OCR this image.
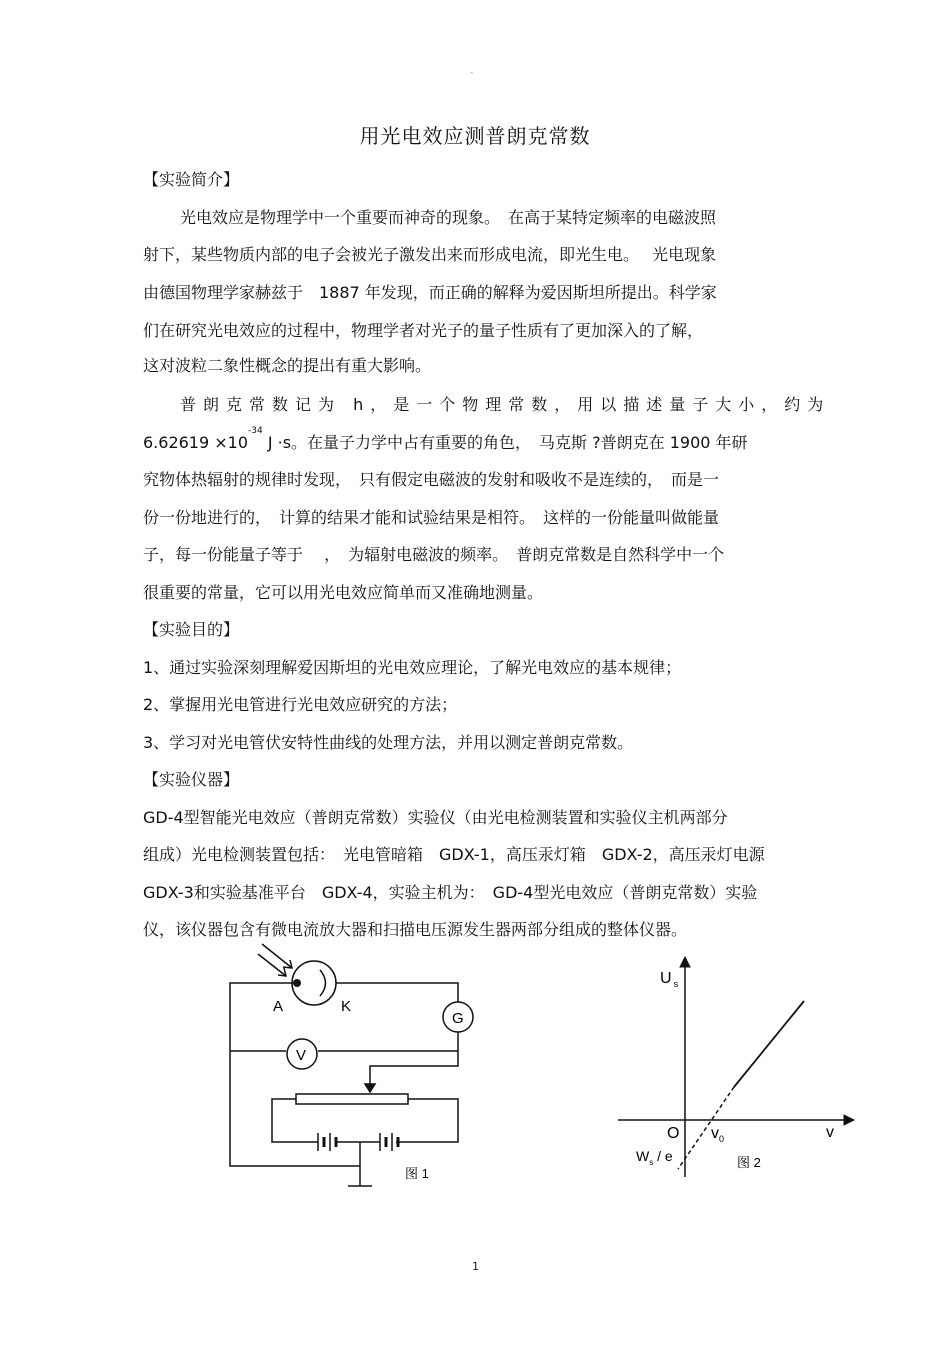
-
用光电效应测普朗克常数
【实验简介】
光电效应是物理学中一个重要而神奇的现象。　在高于某特定频率的电磁波照
射下，某些物质内部的电子会被光子激发出来而形成电流，即光生电。　 光电现象
由德国物理学家赫兹于　1887 年发现，而正确的解释为爱因斯坦所提出。科学家
们在研究光电效应的过程中，物理学者对光子的量子性质有了更加深入的了解，
这对波粒二象性概念的提出有重大影响。
普朗克常数记为 h，是一个物理常数，用以描述量子大小，约为
$6.62619 \times 10^{-34}$ J ·s。在量子力学中占有重要的角色，　马克斯 ?普朗克在 1900 年研
究物体热辐射的规律时发现，　只有假定电磁波的发射和吸收不是连续的，　而是一
份一份地进行的，　计算的结果才能和试验结果是相符。　这样的一份能量叫做能量
子，每一份能量子等于　 ，　为辐射电磁波的频率。　普朗克常数是自然科学中一个
很重要的常量，它可以用光电效应简单而又准确地测量。
【实验目的】
1、通过实验深刻理解爱因斯坦的光电效应理论，了解光电效应的基本规律；
2、掌握用光电管进行光电效应研究的方法；
3、学习对光电管伏安特性曲线的处理方法，并用以测定普朗克常数。
【实验仪器】
GD-4型智能光电效应（普朗克常数）实验仪（由光电检测装置和实验仪主机两部分
组成）光电检测装置包括：　光电管暗箱　GDX-1，高压汞灯箱　GDX-2，高压汞灯电源
GDX-3和实验基准平台　GDX-4，实验主机为：　GD-4型光电效应（普朗克常数）实验
仪，该仪器包含有微电流放大器和扫描电压源发生器两部分组成的整体仪器。
A	K
G
V
图 1
U $_s$
O $v_0$	v
$W_s$ / e	图 2
1
